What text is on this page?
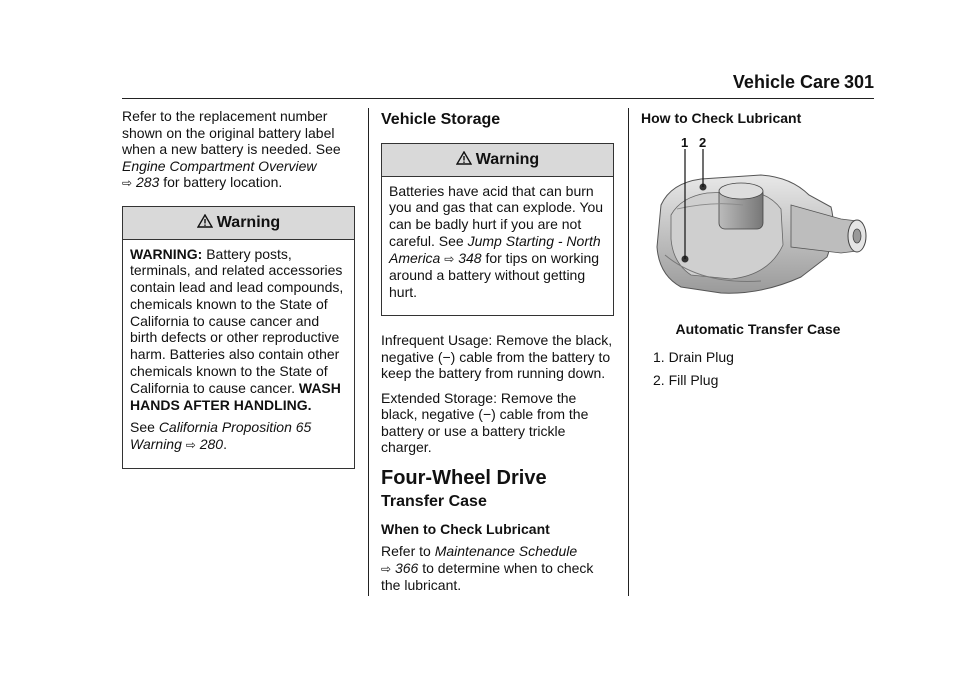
Vehicle Care 301

Refer to the replacement number shown on the original battery label when a new battery is needed. See Engine Compartment Overview
⇨ 283 for battery location.

Warning

WARNING: Battery posts, terminals, and related accessories contain lead and lead compounds, chemicals known to the State of California to cause cancer and birth defects or other reproductive harm. Batteries also contain other chemicals known to the State of California to cause cancer. WASH HANDS AFTER HANDLING.

See California Proposition 65 Warning ⇨ 280.

Vehicle Storage
Warning

Batteries have acid that can burn you and gas that can explode. You can be badly hurt if you are not careful. See Jump Starting - North America ⇨ 348 for tips on working around a battery without getting hurt.

Infrequent Usage: Remove the black, negative (−) cable from the battery to keep the battery from running down.

Extended Storage: Remove the black, negative (−) cable from the battery or use a battery trickle charger.

Four-Wheel Drive
Transfer Case
When to Check Lubricant

Refer to Maintenance Schedule
⇨ 366 to determine when to check the lubricant.

How to Check Lubricant
1 2
Automatic Transfer Case

1. Drain Plug

2. Fill Plug
